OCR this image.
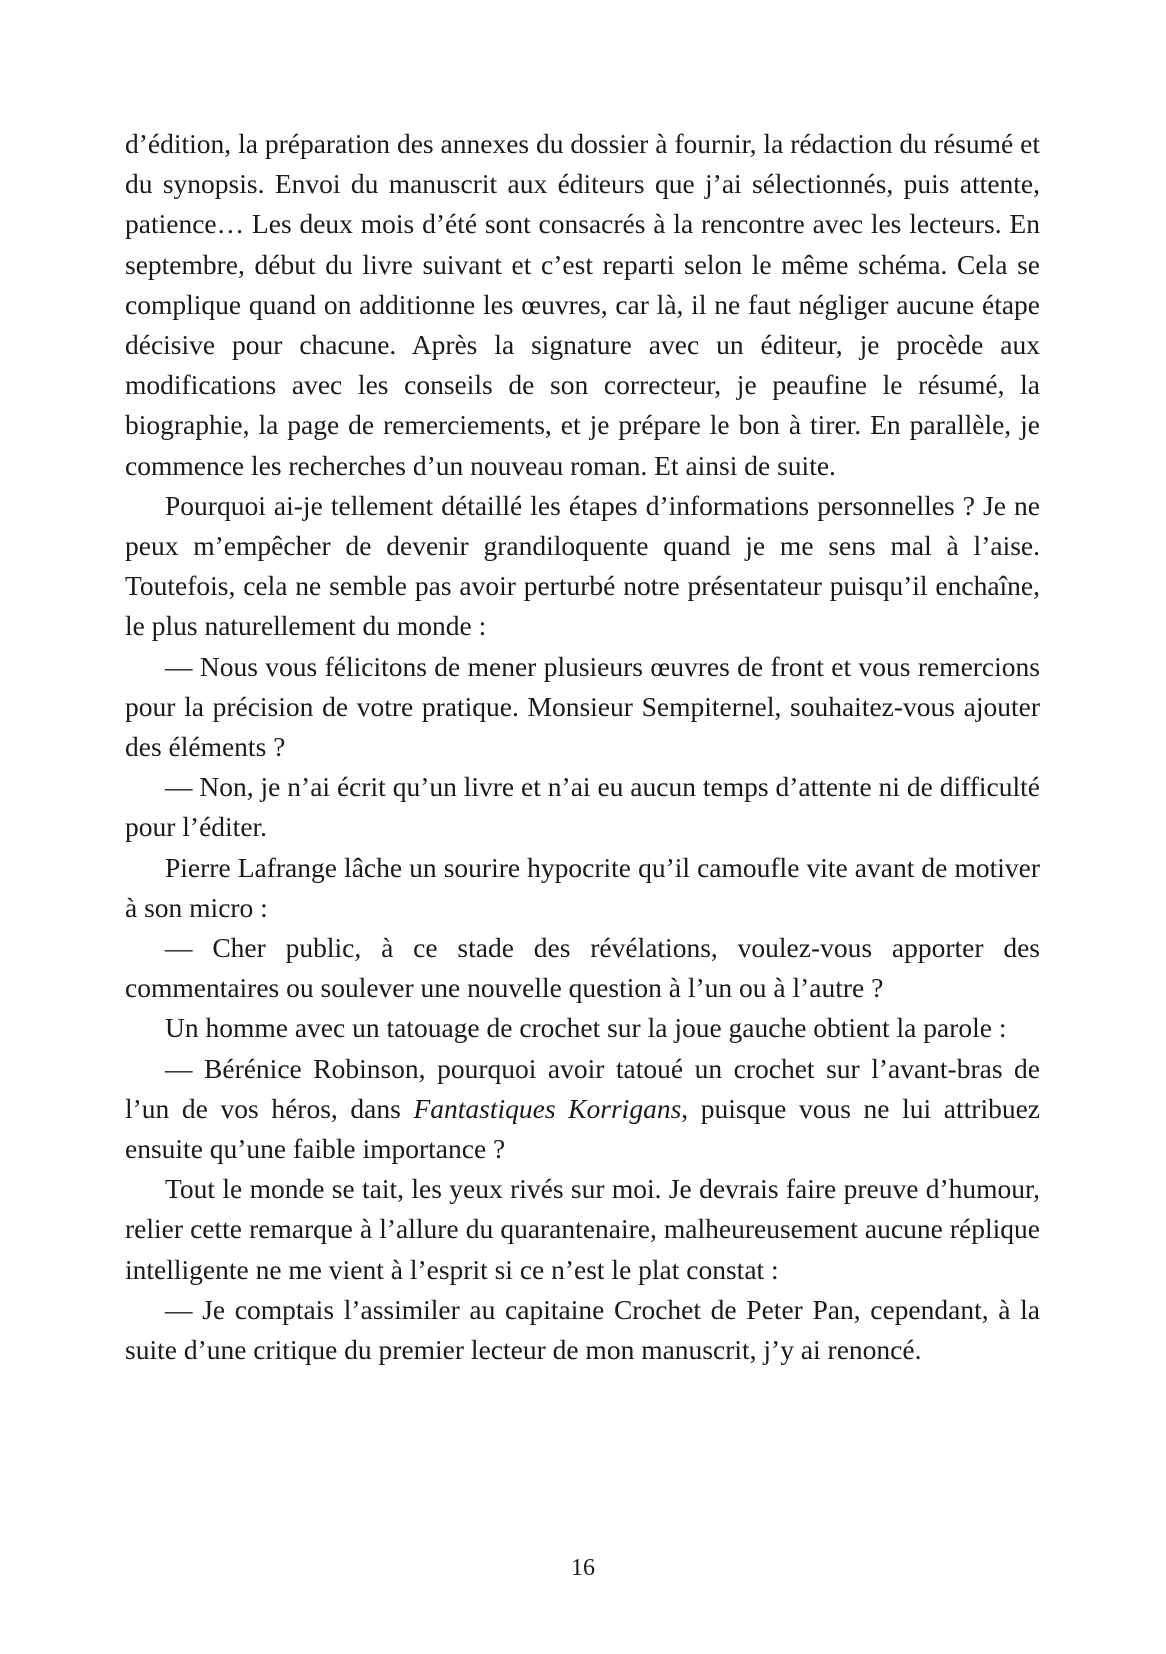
d’édition, la préparation des annexes du dossier à fournir, la rédaction du résumé et du synopsis. Envoi du manuscrit aux éditeurs que j’ai sélectionnés, puis attente, patience… Les deux mois d’été sont consacrés à la rencontre avec les lecteurs. En septembre, début du livre suivant et c’est reparti selon le même schéma. Cela se complique quand on additionne les œuvres, car là, il ne faut négliger aucune étape décisive pour chacune. Après la signature avec un éditeur, je procède aux modifications avec les conseils de son correcteur, je peaufine le résumé, la biographie, la page de remerciements, et je prépare le bon à tirer. En parallèle, je commence les recherches d’un nouveau roman. Et ainsi de suite.

Pourquoi ai-je tellement détaillé les étapes d’informations personnelles ? Je ne peux m’empêcher de devenir grandiloquente quand je me sens mal à l’aise. Toutefois, cela ne semble pas avoir perturbé notre présentateur puisqu’il enchaîne, le plus naturellement du monde :

— Nous vous félicitons de mener plusieurs œuvres de front et vous remercions pour la précision de votre pratique. Monsieur Sempiternel, souhaitez-vous ajouter des éléments ?

— Non, je n’ai écrit qu’un livre et n’ai eu aucun temps d’attente ni de difficulté pour l’éditer.

Pierre Lafrange lâche un sourire hypocrite qu’il camoufle vite avant de motiver à son micro :

— Cher public, à ce stade des révélations, voulez-vous apporter des commentaires ou soulever une nouvelle question à l’un ou à l’autre ?

Un homme avec un tatouage de crochet sur la joue gauche obtient la parole :

— Bérénice Robinson, pourquoi avoir tatoué un crochet sur l’avant-bras de l’un de vos héros, dans Fantastiques Korrigans, puisque vous ne lui attribuez ensuite qu’une faible importance ?

Tout le monde se tait, les yeux rivés sur moi. Je devrais faire preuve d’humour, relier cette remarque à l’allure du quarantenaire, malheureusement aucune réplique intelligente ne me vient à l’esprit si ce n’est le plat constat :

— Je comptais l’assimiler au capitaine Crochet de Peter Pan, cependant, à la suite d’une critique du premier lecteur de mon manuscrit, j’y ai renoncé.

16
